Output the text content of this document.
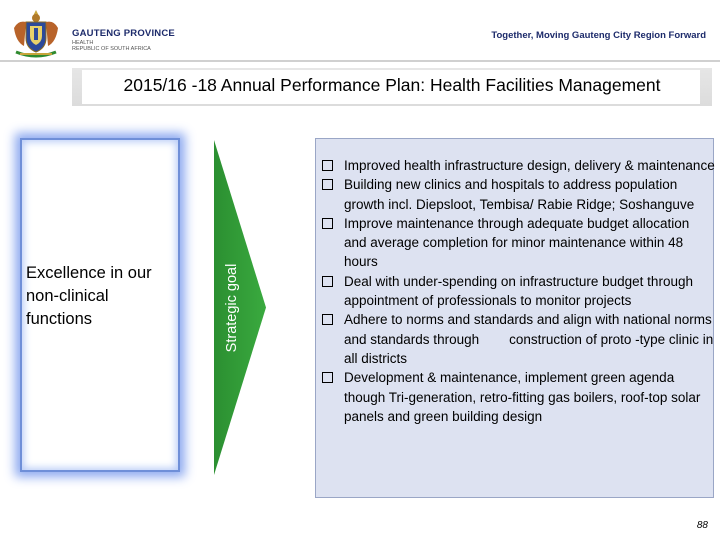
GAUTENG PROVINCE
HEALTH
REPUBLIC OF SOUTH AFRICA
Together, Moving Gauteng City Region Forward
2015/16 -18 Annual Performance Plan: Health Facilities Management
Excellence in our non-clinical functions	Strategic goal
Improved health infrastructure design, delivery & maintenance
Building new clinics and hospitals to address population growth incl. Diepsloot, Tembisa/ Rabie Ridge; Soshanguve
Improve maintenance through adequate budget allocation and average completion for minor maintenance within 48 hours
Deal with under-spending on infrastructure budget through appointment of professionals to monitor projects
Adhere to norms and standards and align with national norms and standards through        construction of proto -type clinic in all districts
Development & maintenance, implement green agenda though Tri-generation, retro-fitting gas boilers, roof-top solar panels and green building design
88
